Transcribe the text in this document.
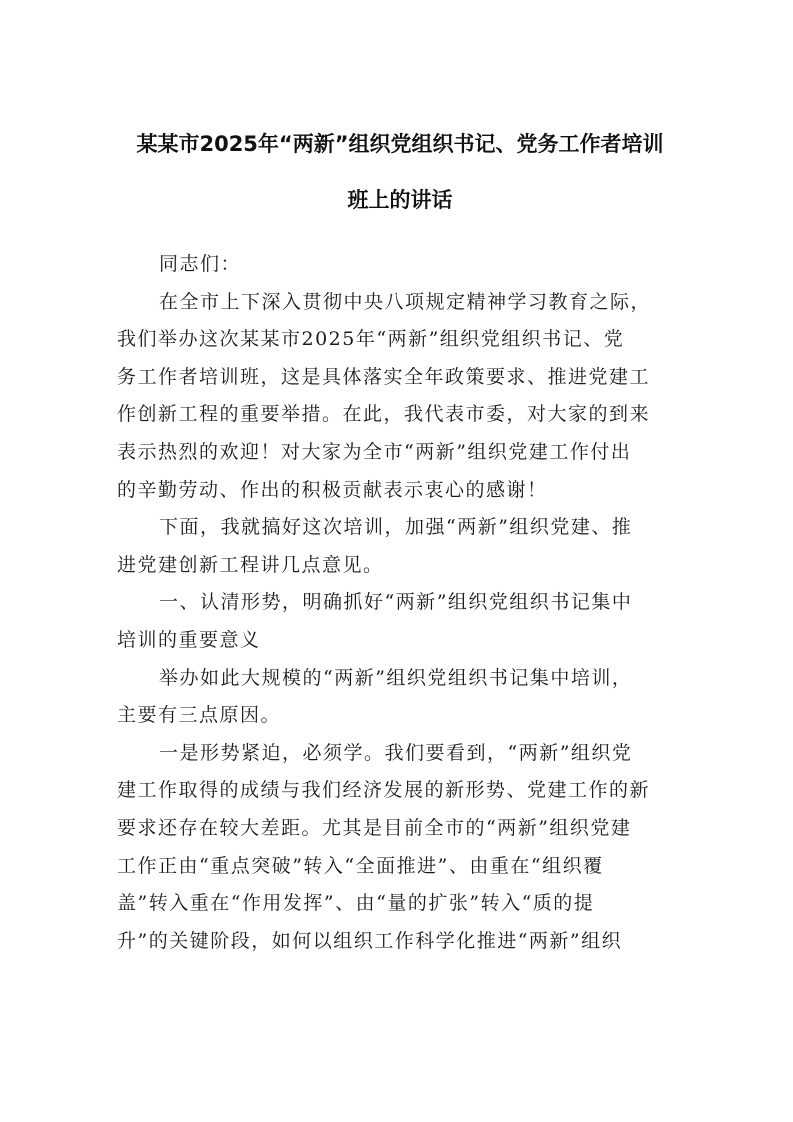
某某市2025年“两新”组织党组织书记、党务工作者培训
班上的讲话
同志们：
在全市上下深入贯彻中央八项规定精神学习教育之际，
我们举办这次某某市2025年“两新”组织党组织书记、党
务工作者培训班，这是具体落实全年政策要求、推进党建工
作创新工程的重要举措。在此，我代表市委，对大家的到来
表示热烈的欢迎！对大家为全市“两新”组织党建工作付出
的辛勤劳动、作出的积极贡献表示衷心的感谢！
下面，我就搞好这次培训，加强“两新”组织党建、推
进党建创新工程讲几点意见。
一、认清形势，明确抓好“两新”组织党组织书记集中
培训的重要意义
举办如此大规模的“两新”组织党组织书记集中培训，
主要有三点原因。
一是形势紧迫，必须学。我们要看到，“两新”组织党
建工作取得的成绩与我们经济发展的新形势、党建工作的新
要求还存在较大差距。尤其是目前全市的“两新”组织党建
工作正由“重点突破”转入“全面推进”、由重在“组织覆
盖”转入重在“作用发挥”、由“量的扩张”转入“质的提
升”的关键阶段，如何以组织工作科学化推进“两新”组织
